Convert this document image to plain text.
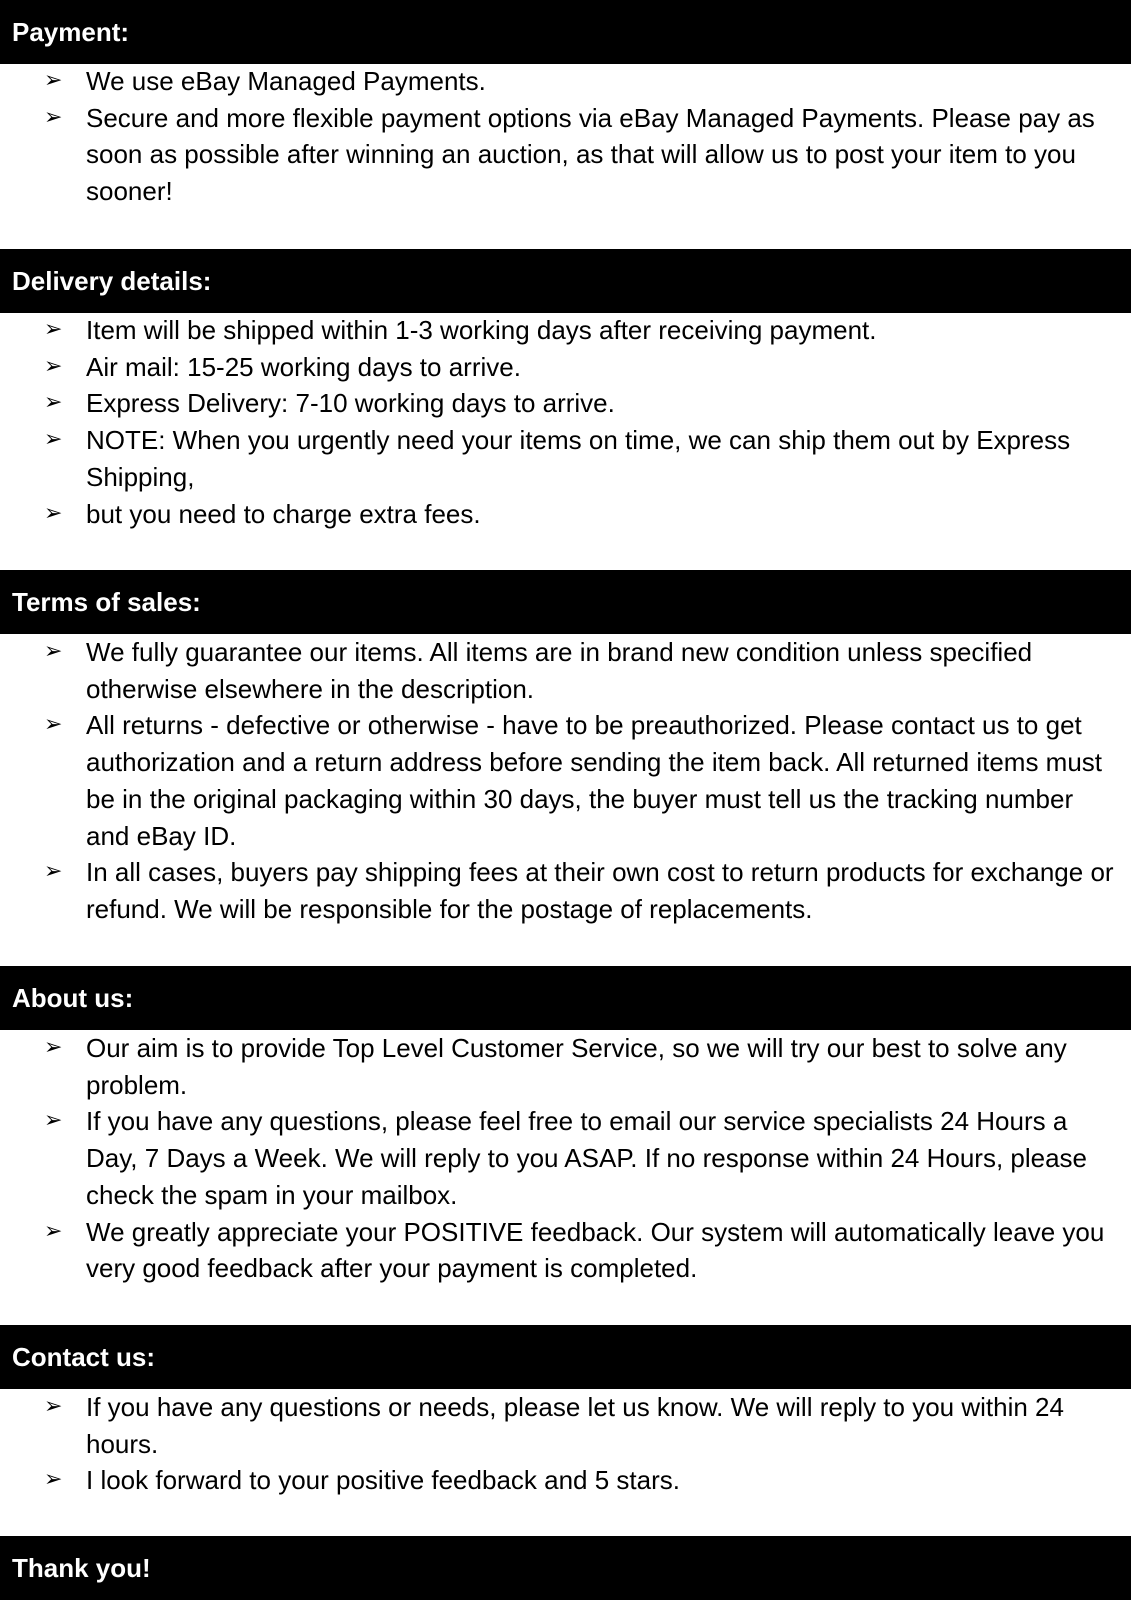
Payment:
➢ We use eBay Managed Payments.
➢ Secure and more flexible payment options via eBay Managed Payments. Please pay as soon as possible after winning an auction, as that will allow us to post your item to you sooner!
Delivery details:
➢ Item will be shipped within 1-3 working days after receiving payment.
➢ Air mail: 15-25 working days to arrive.
➢ Express Delivery: 7-10 working days to arrive.
➢ NOTE: When you urgently need your items on time, we can ship them out by Express Shipping,
➢ but you need to charge extra fees.
Terms of sales:
➢ We fully guarantee our items. All items are in brand new condition unless specified otherwise elsewhere in the description.
➢ All returns - defective or otherwise - have to be preauthorized. Please contact us to get authorization and a return address before sending the item back. All returned items must be in the original packaging within 30 days, the buyer must tell us the tracking number and eBay ID.
➢ In all cases, buyers pay shipping fees at their own cost to return products for exchange or refund. We will be responsible for the postage of replacements.
About us:
➢ Our aim is to provide Top Level Customer Service, so we will try our best to solve any problem.
➢ If you have any questions, please feel free to email our service specialists 24 Hours a Day, 7 Days a Week. We will reply to you ASAP. If no response within 24 Hours, please check the spam in your mailbox.
➢ We greatly appreciate your POSITIVE feedback. Our system will automatically leave you very good feedback after your payment is completed.
Contact us:
➢ If you have any questions or needs, please let us know. We will reply to you within 24 hours.
➢ I look forward to your positive feedback and 5 stars.
Thank you!
